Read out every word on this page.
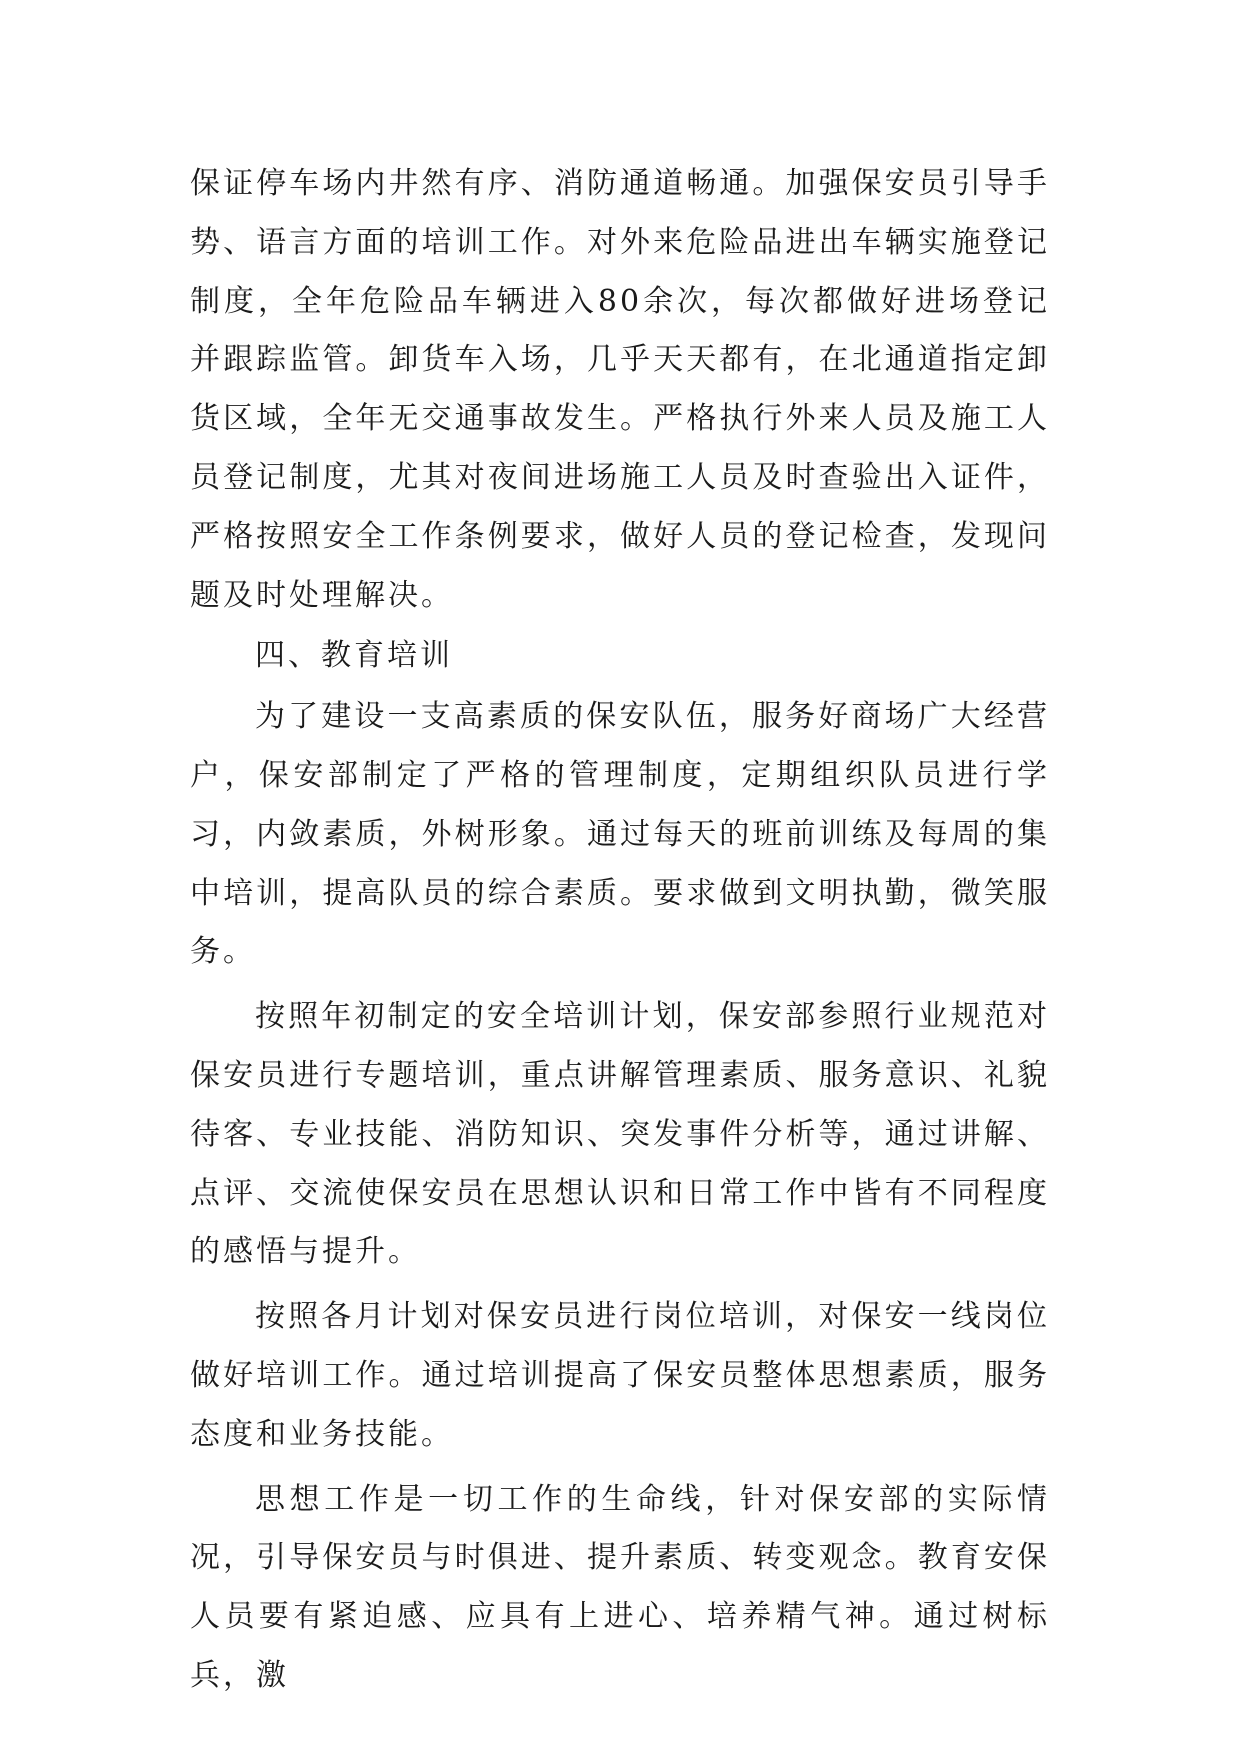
保证停车场内井然有序、消防通道畅通。加强保安员引导手势、语言方面的培训工作。对外来危险品进出车辆实施登记制度，全年危险品车辆进入80余次，每次都做好进场登记并跟踪监管。卸货车入场，几乎天天都有，在北通道指定卸货区域，全年无交通事故发生。严格执行外来人员及施工人员登记制度，尤其对夜间进场施工人员及时查验出入证件，严格按照安全工作条例要求，做好人员的登记检查，发现问题及时处理解决。

四、教育培训

为了建设一支高素质的保安队伍，服务好商场广大经营户，保安部制定了严格的管理制度，定期组织队员进行学习，内敛素质，外树形象。通过每天的班前训练及每周的集中培训，提高队员的综合素质。要求做到文明执勤，微笑服务。

按照年初制定的安全培训计划，保安部参照行业规范对保安员进行专题培训，重点讲解管理素质、服务意识、礼貌待客、专业技能、消防知识、突发事件分析等，通过讲解、点评、交流使保安员在思想认识和日常工作中皆有不同程度的感悟与提升。

按照各月计划对保安员进行岗位培训，对保安一线岗位做好培训工作。通过培训提高了保安员整体思想素质，服务态度和业务技能。

思想工作是一切工作的生命线，针对保安部的实际情况，引导保安员与时俱进、提升素质、转变观念。教育安保人员要有紧迫感、应具有上进心、培养精气神。通过树标兵，激
